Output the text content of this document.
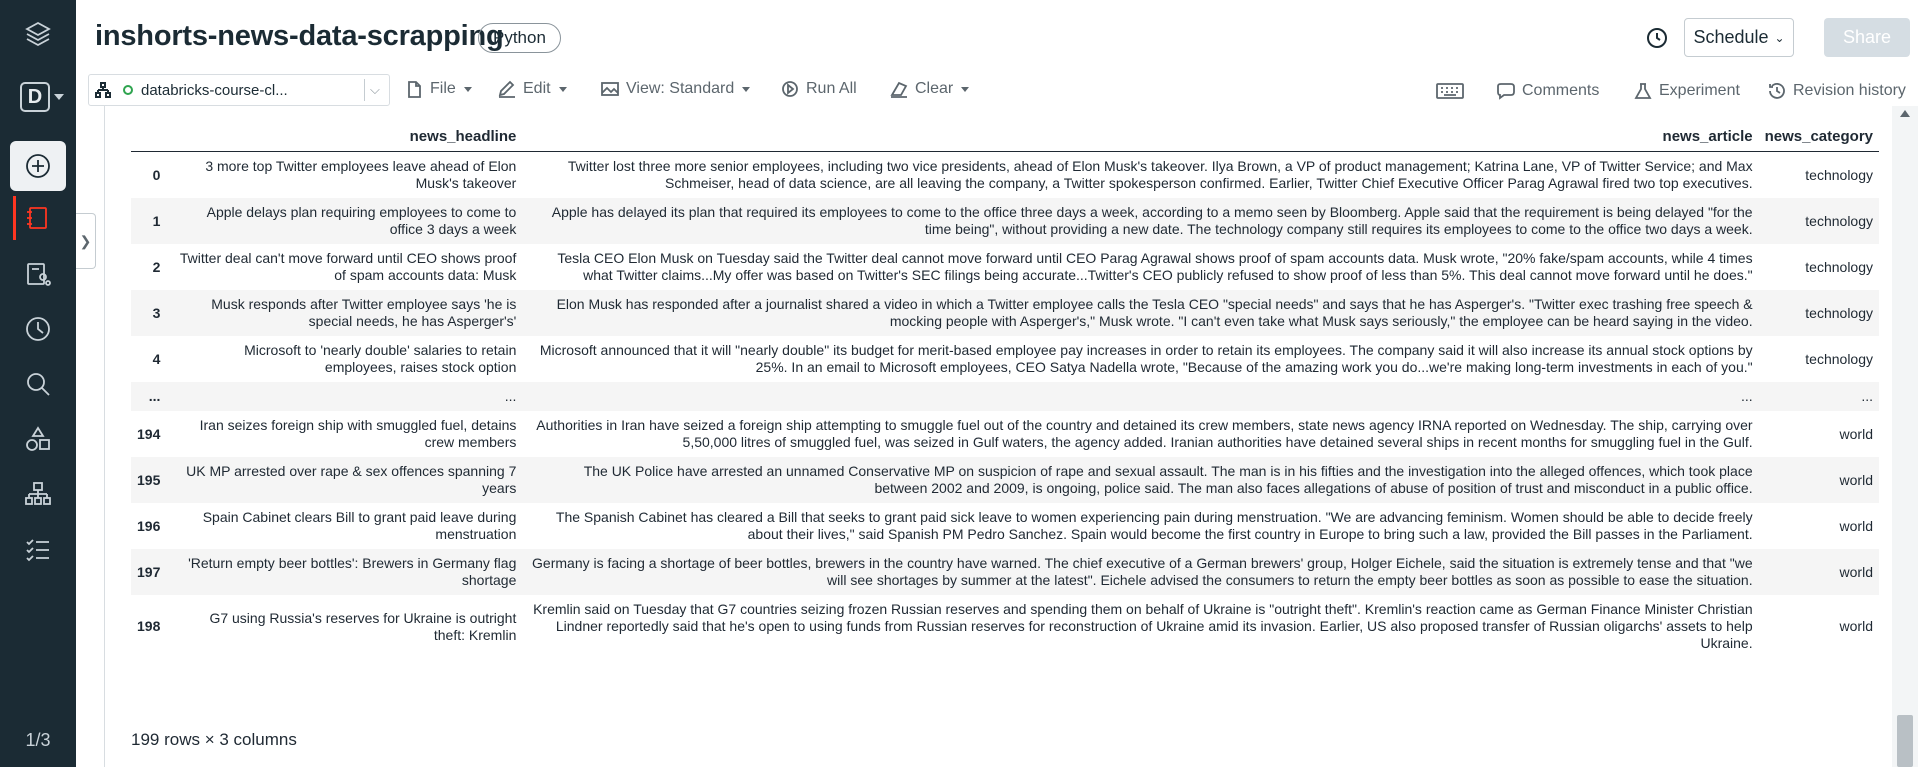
D
1/3
inshorts-news-data-scrapping
Python	Schedule ⌄	Share
databricks-course-cl...	⌵	File	Edit	View: Standard	Run All	Clear	Comments	Experiment	Revision history
❯
	news_headline	news_article	news_category
0	3 more top Twitter employees leave ahead of Elon Musk's takeover	Twitter lost three more senior employees, including two vice presidents, ahead of Elon Musk's takeover. Ilya Brown, a VP of product management; Katrina Lane, VP of Twitter Service; and Max Schmeiser, head of data science, are all leaving the company, a Twitter spokesperson confirmed. Earlier, Twitter Chief Executive Officer Parag Agrawal fired two top executives.	technology
1	Apple delays plan requiring employees to come to office 3 days a week	Apple has delayed its plan that required its employees to come to the office three days a week, according to a memo seen by Bloomberg. Apple said that the requirement is being delayed "for the time being", without providing a new date. The technology company still requires its employees to come to the office two days a week.	technology
2	Twitter deal can't move forward until CEO shows proof of spam accounts data: Musk	Tesla CEO Elon Musk on Tuesday said the Twitter deal cannot move forward until CEO Parag Agrawal shows proof of spam accounts data. Musk wrote, "20% fake/spam accounts, while 4 times what Twitter claims...My offer was based on Twitter's SEC filings being accurate...Twitter's CEO publicly refused to show proof of less than 5%. This deal cannot move forward until he does."	technology
3	Musk responds after Twitter employee says 'he is special needs, he has Asperger's'	Elon Musk has responded after a journalist shared a video in which a Twitter employee calls the Tesla CEO "special needs" and says that he has Asperger's. "Twitter exec trashing free speech & mocking people with Asperger's," Musk wrote. "I can't even take what Musk says seriously," the employee can be heard saying in the video.	technology
4	Microsoft to 'nearly double' salaries to retain employees, raises stock option	Microsoft announced that it will "nearly double" its budget for merit-based employee pay increases in order to retain its employees. The company said it will also increase its annual stock options by 25%. In an email to Microsoft employees, CEO Satya Nadella wrote, "Because of the amazing work you do...we're making long-term investments in each of you."	technology
...	...	...	...
194	Iran seizes foreign ship with smuggled fuel, detains crew members	Authorities in Iran have seized a foreign ship attempting to smuggle fuel out of the country and detained its crew members, state news agency IRNA reported on Wednesday. The ship, carrying over 5,50,000 litres of smuggled fuel, was seized in Gulf waters, the agency added. Iranian authorities have detained several ships in recent months for smuggling fuel in the Gulf.	world
195	UK MP arrested over rape & sex offences spanning 7 years	The UK Police have arrested an unnamed Conservative MP on suspicion of rape and sexual assault. The man is in his fifties and the investigation into the alleged offences, which took place between 2002 and 2009, is ongoing, police said. The man also faces allegations of abuse of position of trust and misconduct in a public office.	world
196	Spain Cabinet clears Bill to grant paid leave during menstruation	The Spanish Cabinet has cleared a Bill that seeks to grant paid sick leave to women experiencing pain during menstruation. "We are advancing feminism. Women should be able to decide freely about their lives," said Spanish PM Pedro Sanchez. Spain would become the first country in Europe to bring such a law, provided the Bill passes in the Parliament.	world
197	'Return empty beer bottles': Brewers in Germany flag shortage	Germany is facing a shortage of beer bottles, brewers in the country have warned. The chief executive of a German brewers' group, Holger Eichele, said the situation is extremely tense and that "we will see shortages by summer at the latest". Eichele advised the consumers to return the empty beer bottles as soon as possible to ease the situation.	world
198	G7 using Russia's reserves for Ukraine is outright theft: Kremlin	Kremlin said on Tuesday that G7 countries seizing frozen Russian reserves and spending them on behalf of Ukraine is "outright theft". Kremlin's reaction came as German Finance Minister Christian Lindner reportedly said that he's open to using funds from Russian reserves for reconstruction of Ukraine amid its invasion. Earlier, US also proposed transfer of Russian oligarchs' assets to help Ukraine.	world
199 rows × 3 columns
